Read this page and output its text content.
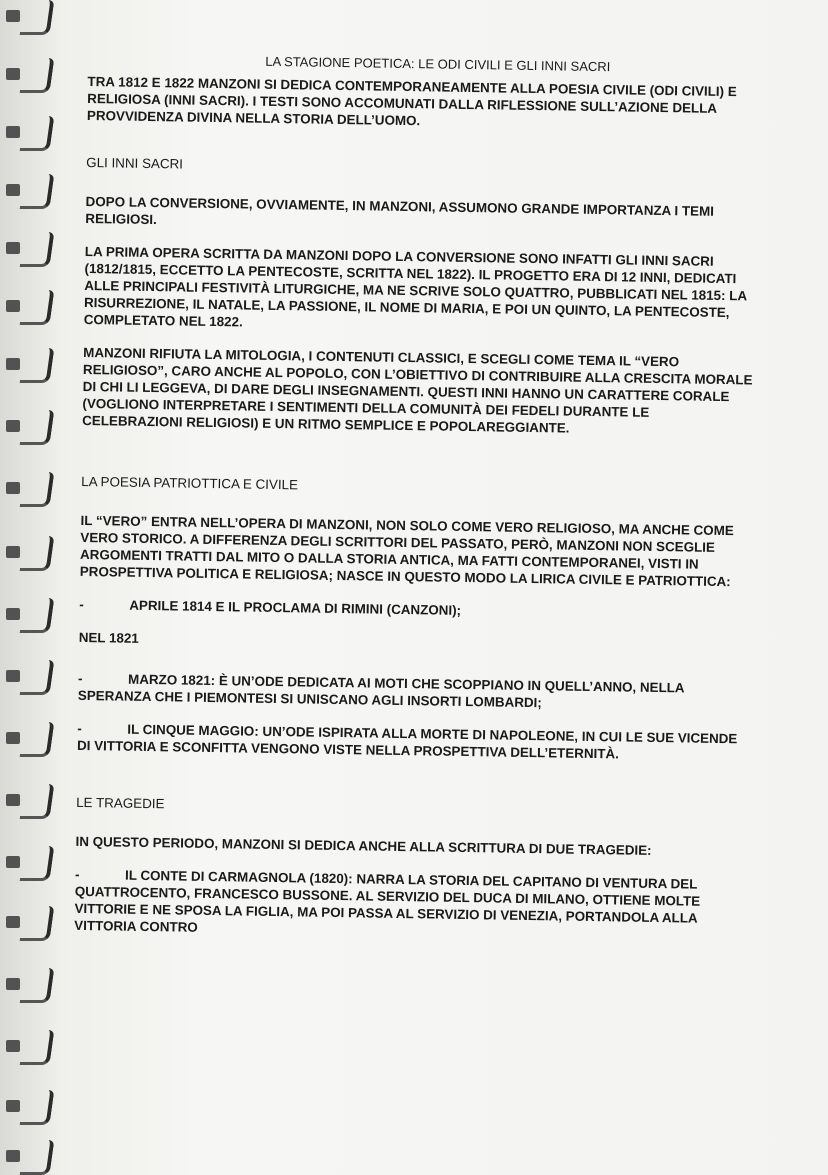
LA STAGIONE POETICA: LE ODI CIVILI E GLI INNI SACRI
TRA 1812 E 1822 MANZONI SI DEDICA CONTEMPORANEAMENTE ALLA POESIA CIVILE (ODI CIVILI) E RELIGIOSA (INNI SACRI). I TESTI SONO ACCOMUNATI DALLA RIFLESSIONE SULL’AZIONE DELLA PROVVIDENZA DIVINA NELLA STORIA DELL’UOMO.
GLI INNI SACRI
DOPO LA CONVERSIONE, OVVIAMENTE, IN MANZONI, ASSUMONO GRANDE IMPORTANZA I TEMI RELIGIOSI.
LA PRIMA OPERA SCRITTA DA MANZONI DOPO LA CONVERSIONE SONO INFATTI GLI INNI SACRI (1812/1815, ECCETTO LA PENTECOSTE, SCRITTA NEL 1822). IL PROGETTO ERA DI 12 INNI, DEDICATI ALLE PRINCIPALI FESTIVITÀ LITURGICHE, MA NE SCRIVE SOLO QUATTRO, PUBBLICATI NEL 1815: LA RISURREZIONE, IL NATALE, LA PASSIONE, IL NOME DI MARIA, E POI UN QUINTO, LA PENTECOSTE, COMPLETATO NEL 1822.
MANZONI RIFIUTA LA MITOLOGIA, I CONTENUTI CLASSICI, E SCEGLI COME TEMA IL “VERO RELIGIOSO”, CARO ANCHE AL POPOLO, CON L’OBIETTIVO DI CONTRIBUIRE ALLA CRESCITA MORALE DI CHI LI LEGGEVA, DI DARE DEGLI INSEGNAMENTI. QUESTI INNI HANNO UN CARATTERE CORALE (VOGLIONO INTERPRETARE I SENTIMENTI DELLA COMUNITÀ DEI FEDELI DURANTE LE CELEBRAZIONI RELIGIOSI) E UN RITMO SEMPLICE E POPOLAREGGIANTE.
LA POESIA PATRIOTTICA E CIVILE
IL “VERO” ENTRA NELL’OPERA DI MANZONI, NON SOLO COME VERO RELIGIOSO, MA ANCHE COME VERO STORICO. A DIFFERENZA DEGLI SCRITTORI DEL PASSATO, PERÒ, MANZONI NON SCEGLIE ARGOMENTI TRATTI DAL MITO O DALLA STORIA ANTICA, MA FATTI CONTEMPORANEI, VISTI IN PROSPETTIVA POLITICA E RELIGIOSA; NASCE IN QUESTO MODO LA LIRICA CIVILE E PATRIOTTICA:
-	APRILE 1814 E IL PROCLAMA DI RIMINI (CANZONI);
NEL 1821
-	MARZO 1821: È UN’ODE DEDICATA AI MOTI CHE SCOPPIANO IN QUELL’ANNO, NELLA SPERANZA CHE I PIEMONTESI SI UNISCANO AGLI INSORTI LOMBARDI;
-	IL CINQUE MAGGIO: UN’ODE ISPIRATA ALLA MORTE DI NAPOLEONE, IN CUI LE SUE VICENDE DI VITTORIA E SCONFITTA VENGONO VISTE NELLA PROSPETTIVA DELL’ETERNITÀ.
LE TRAGEDIE
IN QUESTO PERIODO, MANZONI SI DEDICA ANCHE ALLA SCRITTURA DI DUE TRAGEDIE:
-	IL CONTE DI CARMAGNOLA (1820): NARRA LA STORIA DEL CAPITANO DI VENTURA DEL QUATTROCENTO, FRANCESCO BUSSONE. AL SERVIZIO DEL DUCA DI MILANO, OTTIENE MOLTE VITTORIE E NE SPOSA LA FIGLIA, MA POI PASSA AL SERVIZIO DI VENEZIA, PORTANDOLA ALLA VITTORIA CONTRO
